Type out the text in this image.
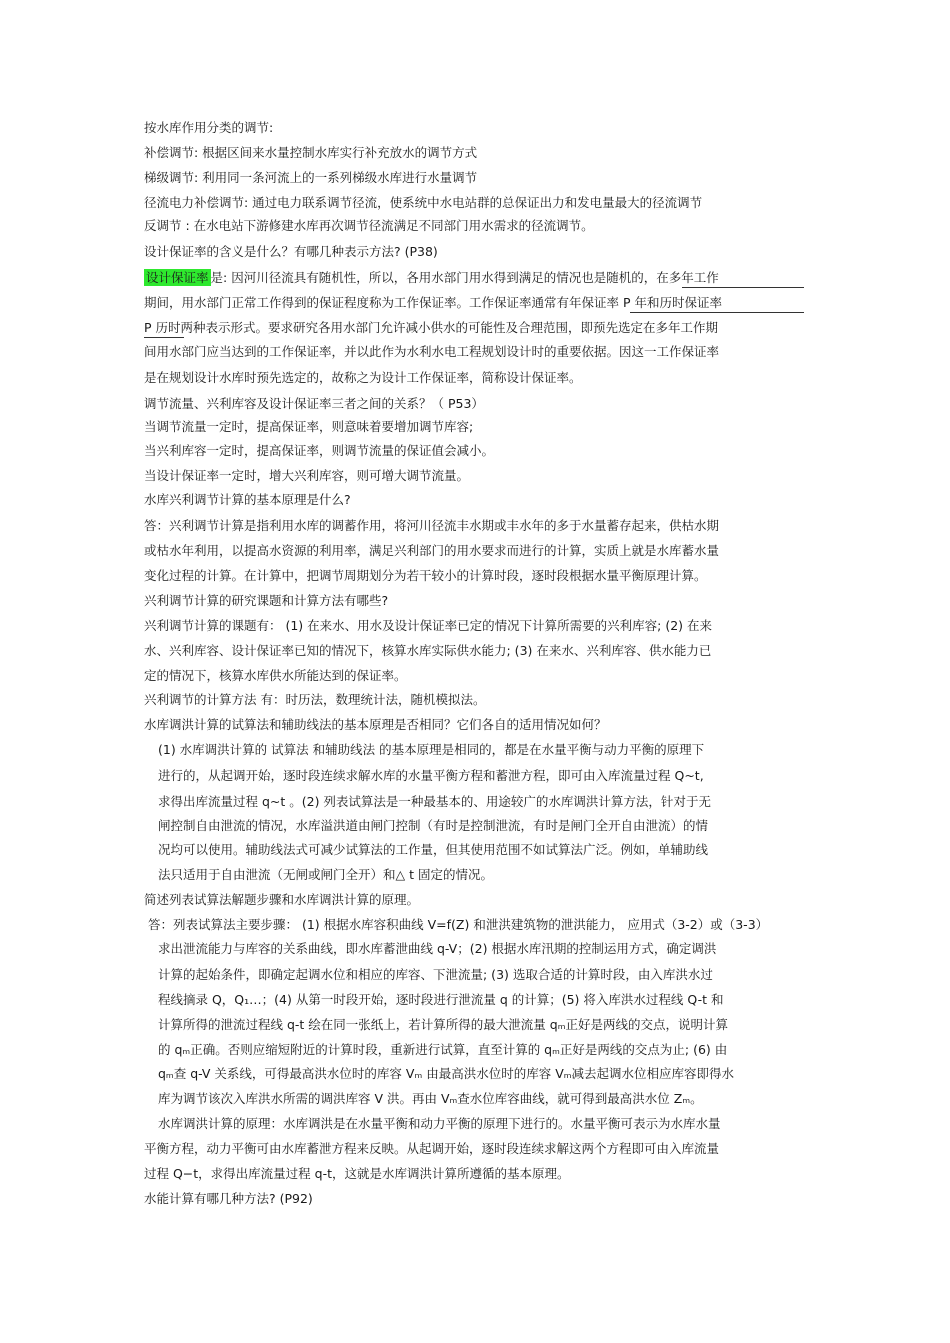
按水库作用分类的调节:
补偿调节: 根据区间来水量控制水库实行补充放水的调节方式
梯级调节: 利用同一条河流上的一系列梯级水库进行水量调节
径流电力补偿调节: 通过电力联系调节径流，使系统中水电站群的总保证出力和发电量最大的径流调节
反调节 : 在水电站下游修建水库再次调节径流满足不同部门用水需求的径流调节。
设计保证率的含义是什么？有哪几种表示方法? (P38)
设计保证率 是: 因河川径流具有随机性，所以，各用水部门用水得到满足的情况也是随机的，在多年工作
期间，用水部门正常工作得到的保证程度称为工作保证率。工作保证率通常有年保证率 P 年和历时保证率
P 历时两种表示形式。要求研究各用水部门允许减小供水的可能性及合理范围，即预先选定在多年工作期
间用水部门应当达到的工作保证率，并以此作为水利水电工程规划设计时的重要依据。因这一工作保证率
是在规划设计水库时预先选定的，故称之为设计工作保证率，简称设计保证率。
调节流量、兴利库容及设计保证率三者之间的关系？（ P53）
当调节流量一定时，提高保证率，则意味着要增加调节库容;
当兴利库容一定时，提高保证率，则调节流量的保证值会减小。
当设计保证率一定时，增大兴利库容，则可增大调节流量。
水库兴利调节计算的基本原理是什么?
答：兴利调节计算是指利用水库的调蓄作用，将河川径流丰水期或丰水年的多于水量蓄存起来，供枯水期
或枯水年利用，以提高水资源的利用率，满足兴利部门的用水要求而进行的计算，实质上就是水库蓄水量
变化过程的计算。在计算中，把调节周期划分为若干较小的计算时段，逐时段根据水量平衡原理计算。
兴利调节计算的研究课题和计算方法有哪些?
兴利调节计算的课题有： (1) 在来水、用水及设计保证率已定的情况下计算所需要的兴利库容; (2) 在来
水、兴利库容、设计保证率已知的情况下，核算水库实际供水能力; (3) 在来水、兴利库容、供水能力已
定的情况下，核算水库供水所能达到的保证率。
兴利调节的计算方法 有：时历法，数理统计法，随机模拟法。
水库调洪计算的试算法和辅助线法的基本原理是否相同？它们各自的适用情况如何？
(1) 水库调洪计算的 试算法 和辅助线法 的基本原理是相同的，都是在水量平衡与动力平衡的原理下
进行的，从起调开始，逐时段连续求解水库的水量平衡方程和蓄泄方程，即可由入库流量过程 Q~t,
求得出库流量过程 q~t 。(2) 列表试算法是一种最基本的、用途较广的水库调洪计算方法，针对于无
闸控制自由泄流的情况，水库溢洪道由闸门控制（有时是控制泄流，有时是闸门全开自由泄流）的情
况均可以使用。辅助线法式可减少试算法的工作量，但其使用范围不如试算法广泛。例如，单辅助线
法只适用于自由泄流（无闸或闸门全开）和△ t 固定的情况。
简述列表试算法解题步骤和水库调洪计算的原理。
答：列表试算法主要步骤： (1) 根据水库容积曲线 V=f(Z) 和泄洪建筑物的泄洪能力， 应用式（3-2）或（3-3）
求出泄流能力与库容的关系曲线，即水库蓄泄曲线 q-V；(2) 根据水库汛期的控制运用方式，确定调洪
计算的起始条件，即确定起调水位和相应的库容、下泄流量; (3) 选取合适的计算时段，由入库洪水过
程线摘录 Q，Q₁…；(4) 从第一时段开始，逐时段进行泄流量 q 的计算；(5) 将入库洪水过程线 Q-t 和
计算所得的泄流过程线 q-t 绘在同一张纸上，若计算所得的最大泄流量 qₘ正好是两线的交点，说明计算
的 qₘ正确。否则应缩短附近的计算时段，重新进行试算，直至计算的 qₘ正好是两线的交点为止; (6) 由
qₘ查 q-V 关系线，可得最高洪水位时的库容 Vₘ 由最高洪水位时的库容 Vₘ减去起调水位相应库容即得水
库为调节该次入库洪水所需的调洪库容 V 洪。再由 Vₘ查水位库容曲线，就可得到最高洪水位 Zₘ。
水库调洪计算的原理：水库调洪是在水量平衡和动力平衡的原理下进行的。水量平衡可表示为水库水量
平衡方程，动力平衡可由水库蓄泄方程来反映。从起调开始，逐时段连续求解这两个方程即可由入库流量
过程 Q−t，求得出库流量过程 q-t，这就是水库调洪计算所遵循的基本原理。
水能计算有哪几种方法? (P92)
